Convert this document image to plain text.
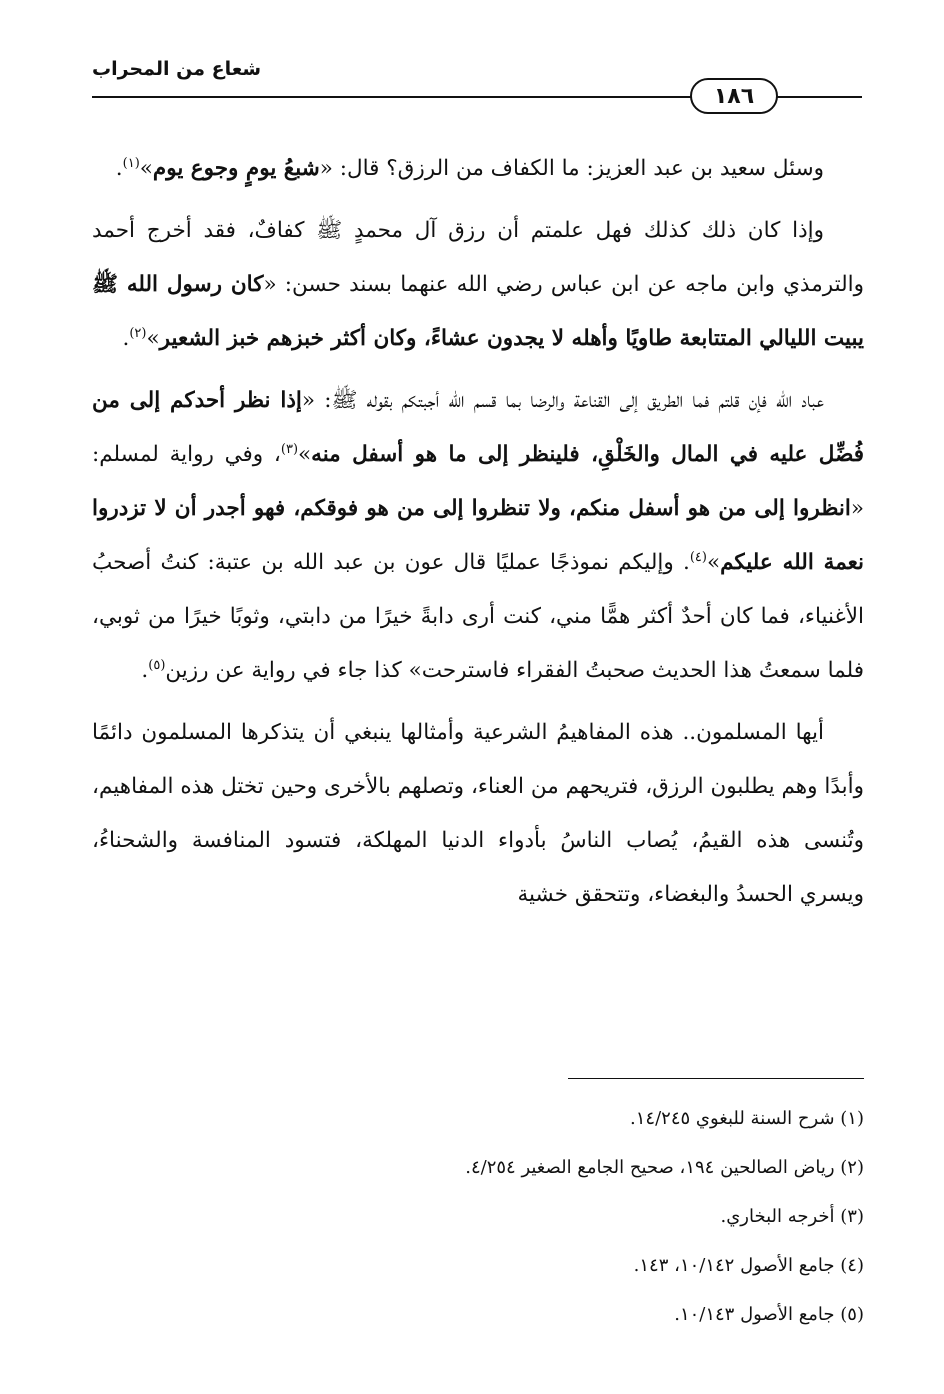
شعاع من المحراب
١٨٦

وسئل سعيد بن عبد العزيز: ما الكفاف من الرزق؟ قال: «شبعُ يومٍ وجوع يوم»$^{(١)}$.

وإذا كان ذلك كذلك فهل علمتم أن رزق آل محمدٍ ﷺ كفافٌ، فقد أخرج أحمد والترمذي وابن ماجه عن ابن عباس رضي الله عنهما بسند حسن: «كان رسول الله ﷺ يبيت الليالي المتتابعة طاويًا وأهله لا يجدون عشاءً، وكان أكثر خبزهم خبز الشعير»$^{(٢)}$.

عباد الله فإن قلتم فما الطريق إلى القناعة والرضا بما قسم الله أجبتكم بقوله ﷺ: «إذا نظر أحدكم إلى من فُضِّل عليه في المال والخَلْقِ، فلينظر إلى ما هو أسفل منه»$^{(٣)}$، وفي رواية لمسلم: «انظروا إلى من هو أسفل منكم، ولا تنظروا إلى من هو فوقكم، فهو أجدر أن لا تزدروا نعمة الله عليكم»$^{(٤)}$. وإليكم نموذجًا عمليًا قال عون بن عبد الله بن عتبة: كنتُ أصحبُ الأغنياء، فما كان أحدٌ أكثر همًّا مني، كنت أرى دابةً خيرًا من دابتي، وثوبًا خيرًا من ثوبي، فلما سمعتُ هذا الحديث صحبتُ الفقراء فاسترحت» كذا جاء في رواية عن رزين$^{(٥)}$.

أيها المسلمون.. هذه المفاهيمُ الشرعية وأمثالها ينبغي أن يتذكرها المسلمون دائمًا وأبدًا وهم يطلبون الرزق، فتريحهم من العناء، وتصلهم بالأخرى وحين تختل هذه المفاهيم، وتُنسى هذه القيمُ، يُصاب الناسُ بأدواء الدنيا المهلكة، فتسود المنافسة والشحناءُ، ويسري الحسدُ والبغضاء، وتتحقق خشية

(١) شرح السنة للبغوي ١٤/٢٤٥.

(٢) رياض الصالحين ١٩٤، صحيح الجامع الصغير ٤/٢٥٤.

(٣) أخرجه البخاري.

(٤) جامع الأصول ١٠/١٤٢، ١٤٣.

(٥) جامع الأصول ١٠/١٤٣.
